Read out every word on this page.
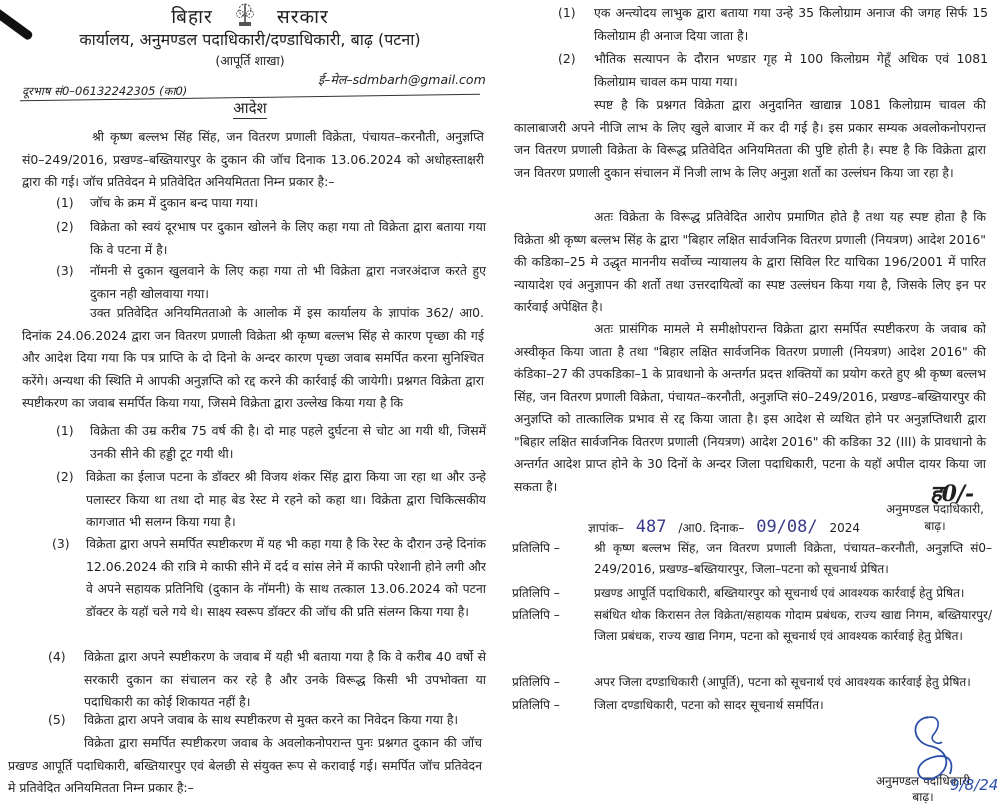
बिहार	सरकार
कार्यालय, अनुमण्डल पदाधिकारी/दण्डाधिकारी, बाढ़ (पटना)
(आपूर्ति शाखा)
ई–मेल–sdmbarh@gmail.com
दूरभाष सं0–06132242305 (का0)
आदेश
श्री कृष्ण बल्लभ सिंह सिंह, जन वितरण प्रणाली विक्रेता, पंचायत–करनौती, अनुज्ञप्ति सं0–249/2016, प्रखण्ड–बख्तियारपुर के दुकान की जॉच दिनाक 13.06.2024 को अधोहस्ताक्षरी द्वारा की गई। जॉच प्रतिवेदन मे प्रतिवेदित अनियमितता निम्न प्रकार है:–
(1) जॉच के क्रम में दुकान बन्द पाया गया।
(2) विक्रेता को स्वयं दूरभाष पर दुकान खोलने के लिए कहा गया तो विक्रेता द्वारा बताया गया कि वे पटना में है।
(3) नॉमनी से दुकान खुलवाने के लिए कहा गया तो भी विक्रेता द्वारा नजरअंदाज करते हुए दुकान नही खोलवाया गया।
उक्त प्रतिवेदित अनियमितताओ के आलोक में इस कार्यालय के ज्ञापांक 362/ आ0. दिनांक 24.06.2024 द्वारा जन वितरण प्रणाली विक्रेता श्री कृष्ण बल्लभ सिंह से कारण पृच्छा की गई और आदेश दिया गया कि पत्र प्राप्ति के दो दिनो के अन्दर कारण पृच्छा जवाब समर्पित करना सुनिश्चित करेंगे। अन्यथा की स्थिति मे आपकी अनुज्ञप्ति को रद्द करने की कार्रवाई की जायेगी। प्रश्नगत विक्रेता द्वारा स्पष्टीकरण का जवाब समर्पित किया गया, जिसमे विक्रेता द्वारा उल्लेख किया गया है कि
(1) विक्रेता की उम्र करीब 75 वर्ष की है। दो माह पहले दुर्घटना से चोट आ गयी थी, जिसमें उनकी सीने की हड्डी टूट गयी थी।
(2) विक्रेता का ईलाज पटना के डॉक्टर श्री विजय शंकर सिंह द्वारा किया जा रहा था और उन्हे पलास्टर किया था तथा दो माह बेड रेस्ट मे रहने को कहा था। विक्रेता द्वारा चिकित्सकीय कागजात भी सलग्न किया गया है।
(3) विक्रेता द्वारा अपने समर्पित स्पष्टीकरण में यह भी कहा गया है कि रेस्ट के दौरान उन्हे दिनांक 12.06.2024 की रात्रि मे काफी सीने में दर्द व सांस लेने में काफी परेशानी होने लगी और वे अपने सहायक प्रतिनिधि (दुकान के नॉमनी) के साथ तत्काल 13.06.2024 को पटना डॉक्टर के यहॉ चले गये थे। साक्ष्य स्वरूप डॉक्टर की जॉच की प्रति संलग्न किया गया है।
(4) विक्रेता द्वारा अपने स्पष्टीकरण के जवाब में यही भी बताया गया है कि वे करीब 40 वर्षो से सरकारी दुकान का संचालन कर रहे है और उनके विरूद्ध किसी भी उपभोक्ता या पदाधिकारी का कोई शिकायत नहीं है।
(5) विक्रेता द्वारा अपने जवाब के साथ स्पष्टीकरण से मुक्त करने का निवेदन किया गया है।
विक्रेता द्वारा समर्पित स्पष्टीकरण जवाब के अवलोकनोपरान्त पुनः प्रश्नगत दुकान की जॉच प्रखण्ड आपूर्ति पदाधिकारी, बख्तियारपुर एवं बेलछी से संयुक्त रूप से करावाई गई। समर्पित जॉच प्रतिवेदन मे प्रतिवेदित अनियमितता निम्न प्रकार है:–
(1) एक अन्त्योदय लाभुक द्वारा बताया गया उन्हे 35 किलोग्राम अनाज की जगह सिर्फ 15 किलोग्राम ही अनाज दिया जाता है।
(2) भौतिक सत्यापन के दौरान भण्डार गृह मे 100 किलोग्रम गेहूँ अधिक एवं 1081 किलोग्राम चावल कम पाया गया।
स्पष्ट है कि प्रश्नगत विक्रेता द्वारा अनुदानित खाद्यान्न 1081 किलोग्राम चावल की कालाबाजरी अपने नीजि लाभ के लिए खुले बाजार में कर दी गई है। इस प्रकार सम्यक अवलोकनोपरान्त जन वितरण प्रणाली विक्रेता के विरूद्ध प्रतिवेदित अनियमितता की पुष्टि होती है। स्पष्ट है कि विक्रेता द्वारा जन वितरण प्रणाली दुकान संचालन में निजी लाभ के लिए अनुज्ञा शर्तो का उल्लंघन किया जा रहा है।
अतः विक्रेता के विरूद्ध प्रतिवेदित आरोप प्रमाणित होते है तथा यह स्पष्ट होता है कि विक्रेता श्री कृष्ण बल्लभ सिंह के द्वारा "बिहार लक्षित सार्वजनिक वितरण प्रणाली (नियत्रण) आदेश 2016" की कडिका–25 मे उद्धृत माननीय सर्वोच्च न्यायालय के द्वारा सिविल रिट याचिका 196/2001 में पारित न्यायादेश एवं अनुज्ञापन की शर्तो तथा उत्तरदायित्वों का स्पष्ट उल्लंघन किया गया है, जिसके लिए इन पर कार्रवाई अपेक्षित है।
अतः प्रासंगिक मामले मे समीक्षोपरान्त विक्रेता द्वारा समर्पित स्पष्टीकरण के जवाब को अस्वीकृत किया जाता है तथा "बिहार लक्षित सार्वजनिक वितरण प्रणाली (नियत्रण) आदेश 2016" की कंडिका–27 की उपकडिका–1 के प्रावधानो के अन्तर्गत प्रदत्त शक्तियों का प्रयोग करते हुए श्री कृष्ण बल्लभ सिंह, जन वितरण प्रणाली विक्रेता, पंचायत–करनौती, अनुज्ञप्ति सं0–249/2016, प्रखण्ड–बख्तियारपुर की अनुज्ञप्ति को तात्कालिक प्रभाव से रद्द किया जाता है। इस आदेश से व्यथित होने पर अनुज्ञप्तिधारी द्वारा "बिहार लक्षित सार्वजनिक वितरण प्रणाली (नियत्रण) आदेश 2016" की कडिका 32 (III) के प्रावधानो के अन्तर्गत आदेश प्राप्त होने के 30 दिनों के अन्दर जिला पदाधिकारी, पटना के यहॉ अपील दायर किया जा सकता है।	ह0/-
अनुमण्डल पदाधिकारी,
बाढ़।
ज्ञापांक– 487 /आ0. दिनाक– 09/08/ 2024
प्रतिलिपि –	श्री कृष्ण बल्लभ सिंह, जन वितरण प्रणाली विक्रेता, पंचायत–करनौती, अनुज्ञप्ति सं0–249/2016, प्रखण्ड–बख्तियारपुर, जिला–पटना को सूचनार्थ प्रेषित।
प्रतिलिपि –	प्रखण्ड आपूर्ति पदाधिकारी, बख्तियारपुर को सूचनार्थ एवं आवश्यक कार्रवाई हेतु प्रेषित।
प्रतिलिपि –	सबंधित थोक किरासन तेल विक्रेता/सहायक गोदाम प्रबंधक, राज्य खाद्य निगम, बख्तियारपुर/जिला प्रबंधक, राज्य खाद्य निगम, पटना को सूचनार्थ एवं आवश्यक कार्रवाई हेतु प्रेषित।
प्रतिलिपि –	अपर जिला दण्डाधिकारी (आपूर्ति), पटना को सूचनार्थ एवं आवश्यक कार्रवाई हेतु प्रेषित।
प्रतिलिपि –	जिला दण्डाधिकारी, पटना को सादर सूचनार्थ समर्पित।
अनुमण्डल पदाधिकारी
बाढ़।
9/8/24
